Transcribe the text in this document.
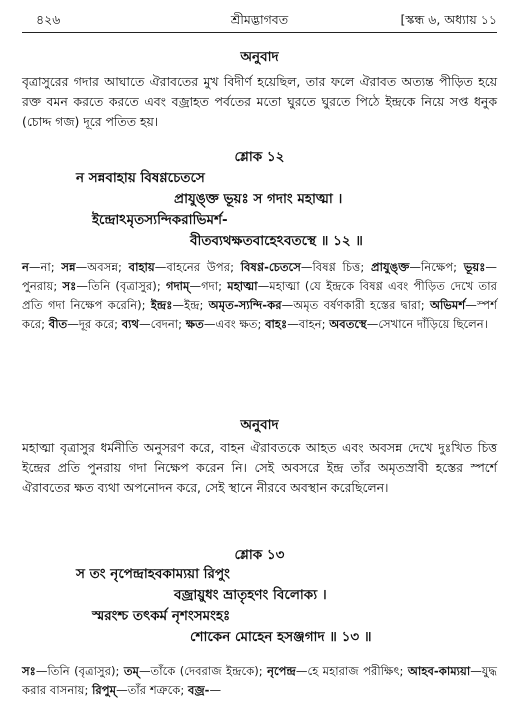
৪২৬	শ্রীমদ্ভাগবত	[স্কন্ধ ৬, অধ্যায় ১১
অনুবাদ

বৃত্রাসুরের গদার আঘাতে ঐরাবতের মুখ বিদীর্ণ হয়েছিল, তার ফলে ঐরাবত অত্যন্ত পীড়িত হয়ে রক্ত বমন করতে করতে এবং বজ্রাহত পর্বতের মতো ঘুরতে ঘুরতে পিঠে ইন্দ্রকে নিয়ে সপ্ত ধনুক (চোদ্দ গজ) দূরে পতিত হয়।

শ্লোক ১২
ন সন্নবাহায় বিষণ্ণচেতসে
প্রাযুঙ্‌ক্ত ভূয়ঃ স গদাং মহাত্মা ।
ইন্দ্রোঽমৃতস্যন্দিকরাভিমর্শ-
বীতব্যথক্ষতবাহেঽবতস্থে ॥ ১২ ॥
ন—না; সন্ন—অবসন্ন; বাহায়—বাহনের উপর; বিষণ্ণ-চেতসে—বিষণ্ণ চিত্ত; প্রাযুঙ্‌ক্ত—নিক্ষেপ; ভূয়ঃ—পুনরায়; সঃ—তিনি (বৃত্রাসুর); গদাম্—গদা; মহাত্মা—মহাত্মা (যে ইন্দ্রকে বিষণ্ণ এবং পীড়িত দেখে তার প্রতি গদা নিক্ষেপ করেনি); ইন্দ্রঃ—ইন্দ্র; অমৃত-স্যন্দি-কর—অমৃত বর্ষণকারী হস্তের দ্বারা; অভিমর্শ—স্পর্শ করে; বীত—দূর করে; ব্যথ—বেদনা; ক্ষত—এবং ক্ষত; বাহঃ—বাহন; অবতস্থে—সেখানে দাঁড়িয়ে ছিলেন।
অনুবাদ

মহাত্মা বৃত্রাসুর ধর্মনীতি অনুসরণ করে, বাহন ঐরাবতকে আহত এবং অবসন্ন দেখে দুঃখিত চিত্ত ইন্দ্রের প্রতি পুনরায় গদা নিক্ষেপ করেন নি। সেই অবসরে ইন্দ্র তাঁর অমৃতস্রাবী হস্তের স্পর্শে ঐরাবতের ক্ষত ব্যথা অপনোদন করে, সেই স্থানে নীরবে অবস্থান করেছিলেন।

শ্লোক ১৩
স তং নৃপেন্দ্রাহবকাম্যয়া রিপুং
বজ্রায়ুধং ভ্রাতৃহণং বিলোক্য ।
স্মরংশ্চ তৎকর্ম নৃশংসমংহঃ
শোকেন মোহেন হসঞ্জগাদ ॥ ১৩ ॥
সঃ—তিনি (বৃত্রাসুর); তম্—তাঁকে (দেবরাজ ইন্দ্রকে); নৃপেন্দ্র—হে মহারাজ পরীক্ষিৎ; আহব-কাম্যয়া—যুদ্ধ করার বাসনায়; রিপুম্—তাঁর শত্রুকে; বজ্র-—
